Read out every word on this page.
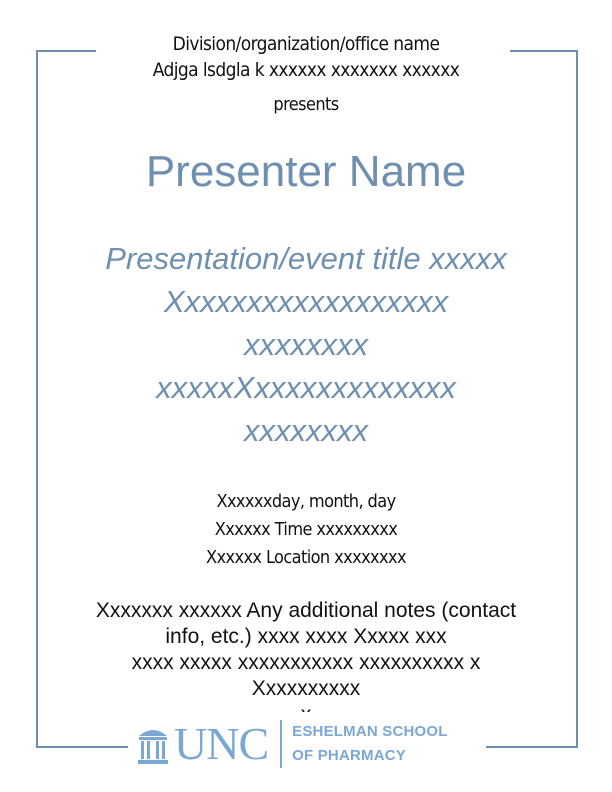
Division/organization/office name
Adjga lsdgla k xxxxxx xxxxxxx xxxxxx
presents
Presenter Name
Presentation/event title xxxxx
Xxxxxxxxxxxxxxxxxx
xxxxxxxx
xxxxxXxxxxxxxxxxxxx
xxxxxxxx
Xxxxxxday, month, day
Xxxxxx Time xxxxxxxxx
Xxxxxx Location xxxxxxxx
Xxxxxxx xxxxxx Any additional notes (contact
info, etc.) xxxx xxxx Xxxxx xxx
xxxx xxxxx xxxxxxxxxxx xxxxxxxxxx x
Xxxxxxxxxx
UNC ESHELMAN SCHOOL
OF PHARMACY
